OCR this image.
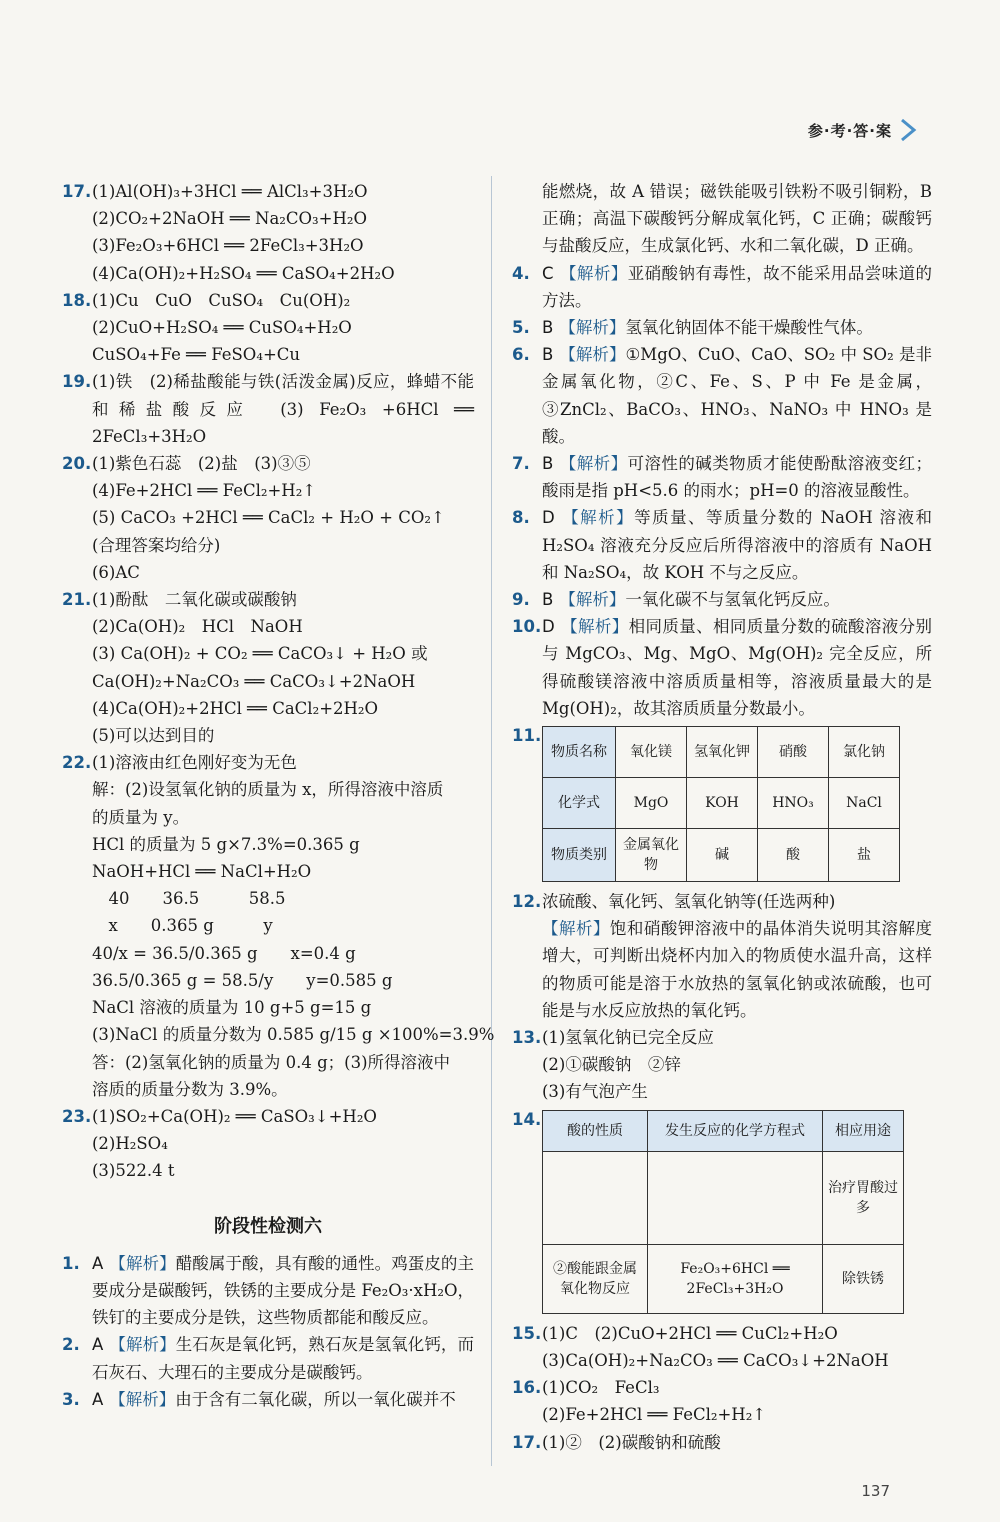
参·考·答·案
17.(1)Al(OH)₃+3HCl ══ AlCl₃+3H₂O
(2)CO₂+2NaOH ══ Na₂CO₃+H₂O
(3)Fe₂O₃+6HCl ══ 2FeCl₃+3H₂O
(4)Ca(OH)₂+H₂SO₄ ══ CaSO₄+2H₂O
18.(1)Cu　CuO　CuSO₄　Cu(OH)₂
(2)CuO+H₂SO₄ ══ CuSO₄+H₂O
CuSO₄+Fe ══ FeSO₄+Cu
19. (1)铁　(2)稀盐酸能与铁(活泼金属)反应，蜂蜡不能和稀盐酸反应　(3) Fe₂O₃ +6HCl ══ 2FeCl₃+3H₂O
20.(1)紫色石蕊　(2)盐　(3)③⑤
(4)Fe+2HCl ══ FeCl₂+H₂↑
(5) CaCO₃ +2HCl ══ CaCl₂ + H₂O + CO₂↑
(合理答案均给分)
(6)AC
21.(1)酚酞　二氧化碳或碳酸钠
(2)Ca(OH)₂　HCl　NaOH
(3) Ca(OH)₂ + CO₂ ══ CaCO₃↓ + H₂O 或
Ca(OH)₂+Na₂CO₃ ══ CaCO₃↓+2NaOH
(4)Ca(OH)₂+2HCl ══ CaCl₂+2H₂O
(5)可以达到目的
22.(1)溶液由红色刚好变为无色
解：(2)设氢氧化钠的质量为 x，所得溶液中溶质
的质量为 y。
HCl 的质量为 5 g×7.3%=0.365 g
NaOH+HCl ══ NaCl+H₂O
　40　　36.5　　　58.5
　x　　0.365 g　　　y
40/x = 36.5/0.365 g　　x=0.4 g
36.5/0.365 g = 58.5/y　　y=0.585 g
NaCl 溶液的质量为 10 g+5 g=15 g
(3)NaCl 的质量分数为 0.585 g/15 g ×100%=3.9%
答：(2)氢氧化钠的质量为 0.4 g；(3)所得溶液中
溶质的质量分数为 3.9%。
23.(1)SO₂+Ca(OH)₂ ══ CaSO₃↓+H₂O
(2)H₂SO₄
(3)522.4 t
阶段性检测六
1. A 【解析】醋酸属于酸，具有酸的通性。鸡蛋皮的主要成分是碳酸钙，铁锈的主要成分是 Fe₂O₃·xH₂O，铁钉的主要成分是铁，这些物质都能和酸反应。
2. A 【解析】生石灰是氧化钙，熟石灰是氢氧化钙，而石灰石、大理石的主要成分是碳酸钙。
3. A 【解析】由于含有二氧化碳，所以一氧化碳并不
能燃烧，故 A 错误；磁铁能吸引铁粉不吸引铜粉，B 正确；高温下碳酸钙分解成氧化钙，C 正确；碳酸钙与盐酸反应，生成氯化钙、水和二氧化碳，D 正确。
4. C 【解析】亚硝酸钠有毒性，故不能采用品尝味道的方法。
5. B 【解析】氢氧化钠固体不能干燥酸性气体。
6. B 【解析】①MgO、CuO、CaO、SO₂ 中 SO₂ 是非金属氧化物，②C、Fe、S、P 中 Fe 是金属，③ZnCl₂、BaCO₃、HNO₃、NaNO₃ 中 HNO₃ 是酸。
7. B 【解析】可溶性的碱类物质才能使酚酞溶液变红；酸雨是指 pH<5.6 的雨水；pH=0 的溶液显酸性。
8. D 【解析】等质量、等质量分数的 NaOH 溶液和 H₂SO₄ 溶液充分反应后所得溶液中的溶质有 NaOH 和 Na₂SO₄，故 KOH 不与之反应。
9. B 【解析】一氧化碳不与氢氧化钙反应。
10. D 【解析】相同质量、相同质量分数的硫酸溶液分别与 MgCO₃、Mg、MgO、Mg(OH)₂ 完全反应，所得硫酸镁溶液中溶质质量相等，溶液质量最大的是 Mg(OH)₂，故其溶质质量分数最小。
11.
物质名称	氧化镁	氢氧化钾	硝酸	氯化钠
化学式	MgO	KOH	HNO₃	NaCl
物质类别	金属氧化物	碱	酸	盐
12.浓硫酸、氧化钙、氢氧化钠等(任选两种)
【解析】饱和硝酸钾溶液中的晶体消失说明其溶解度增大，可判断出烧杯内加入的物质使水温升高，这样的物质可能是溶于水放热的氢氧化钠或浓硫酸，也可能是与水反应放热的氧化钙。
13.(1)氢氧化钠已完全反应
(2)①碳酸钠　②锌
(3)有气泡产生
14.
酸的性质	发生反应的化学方程式	相应用途
		治疗胃酸过多
②酸能跟金属氧化物反应	Fe₂O₃+6HCl ══ 2FeCl₃+3H₂O	除铁锈
15.(1)C　(2)CuO+2HCl ══ CuCl₂+H₂O
(3)Ca(OH)₂+Na₂CO₃ ══ CaCO₃↓+2NaOH
16.(1)CO₂　FeCl₃
(2)Fe+2HCl ══ FeCl₂+H₂↑
17.(1)②　(2)碳酸钠和硫酸
137
